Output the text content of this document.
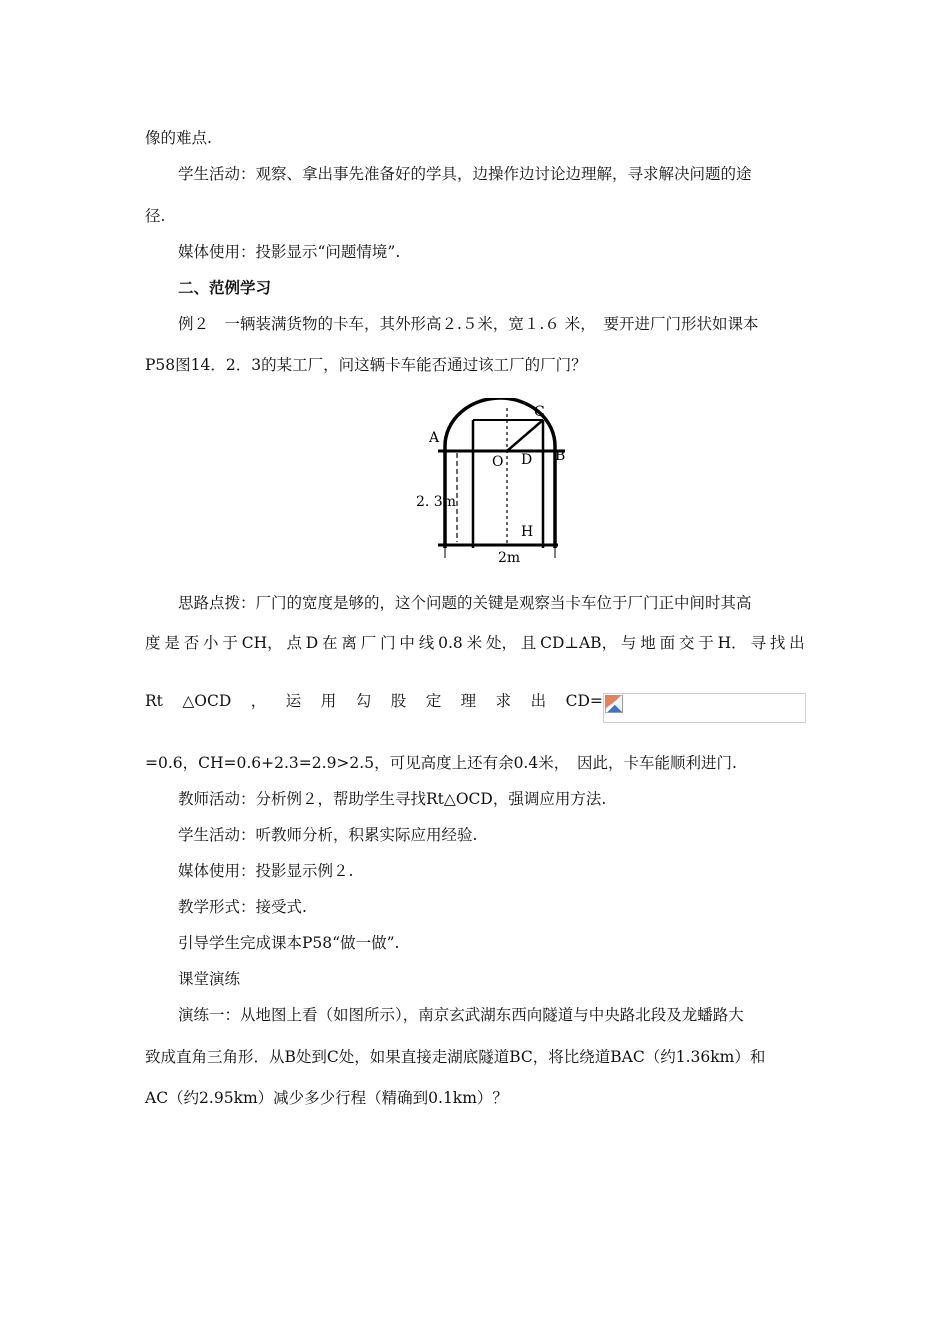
像的难点.
学生活动：观察、拿出事先准备好的学具，边操作边讨论边理解，寻求解决问题的途
径.
媒体使用：投影显示“问题情境”.
二、范例学习
例２　一辆装满货物的卡车，其外形高２.５米，宽１.６ 米，　要开进厂门形状如课本
P58图14．2．3的某工厂，问这辆卡车能否通过该工厂的厂门？
A
C
B
O D
H
2. 3m
2m
思路点拨：厂门的宽度是够的，这个问题的关键是观察当卡车位于厂门正中间时其高
度 是 否 小 于 CH， 点 D 在 离 厂 门 中 线 0.8 米 处， 且 CD⊥AB， 与 地 面 交 于 H． 寻 找 出
Rt △OCD ， 运 用 勾 股 定 理 求 出 CD=
=0.6，CH=0.6+2.3=2.9>2.5，可见高度上还有余0.4米，　因此，卡车能顺利进门.
教师活动：分析例２，帮助学生寻找Rt△OCD，强调应用方法.
学生活动：听教师分析，积累实际应用经验.
媒体使用：投影显示例２.
教学形式：接受式.
引导学生完成课本P58“做一做”.
课堂演练
演练一：从地图上看（如图所示），南京玄武湖东西向隧道与中央路北段及龙蟠路大
致成直角三角形．从B处到C处，如果直接走湖底隧道BC，将比绕道BAC（约1.36km）和
AC（约2.95km）减少多少行程（精确到0.1km）？
